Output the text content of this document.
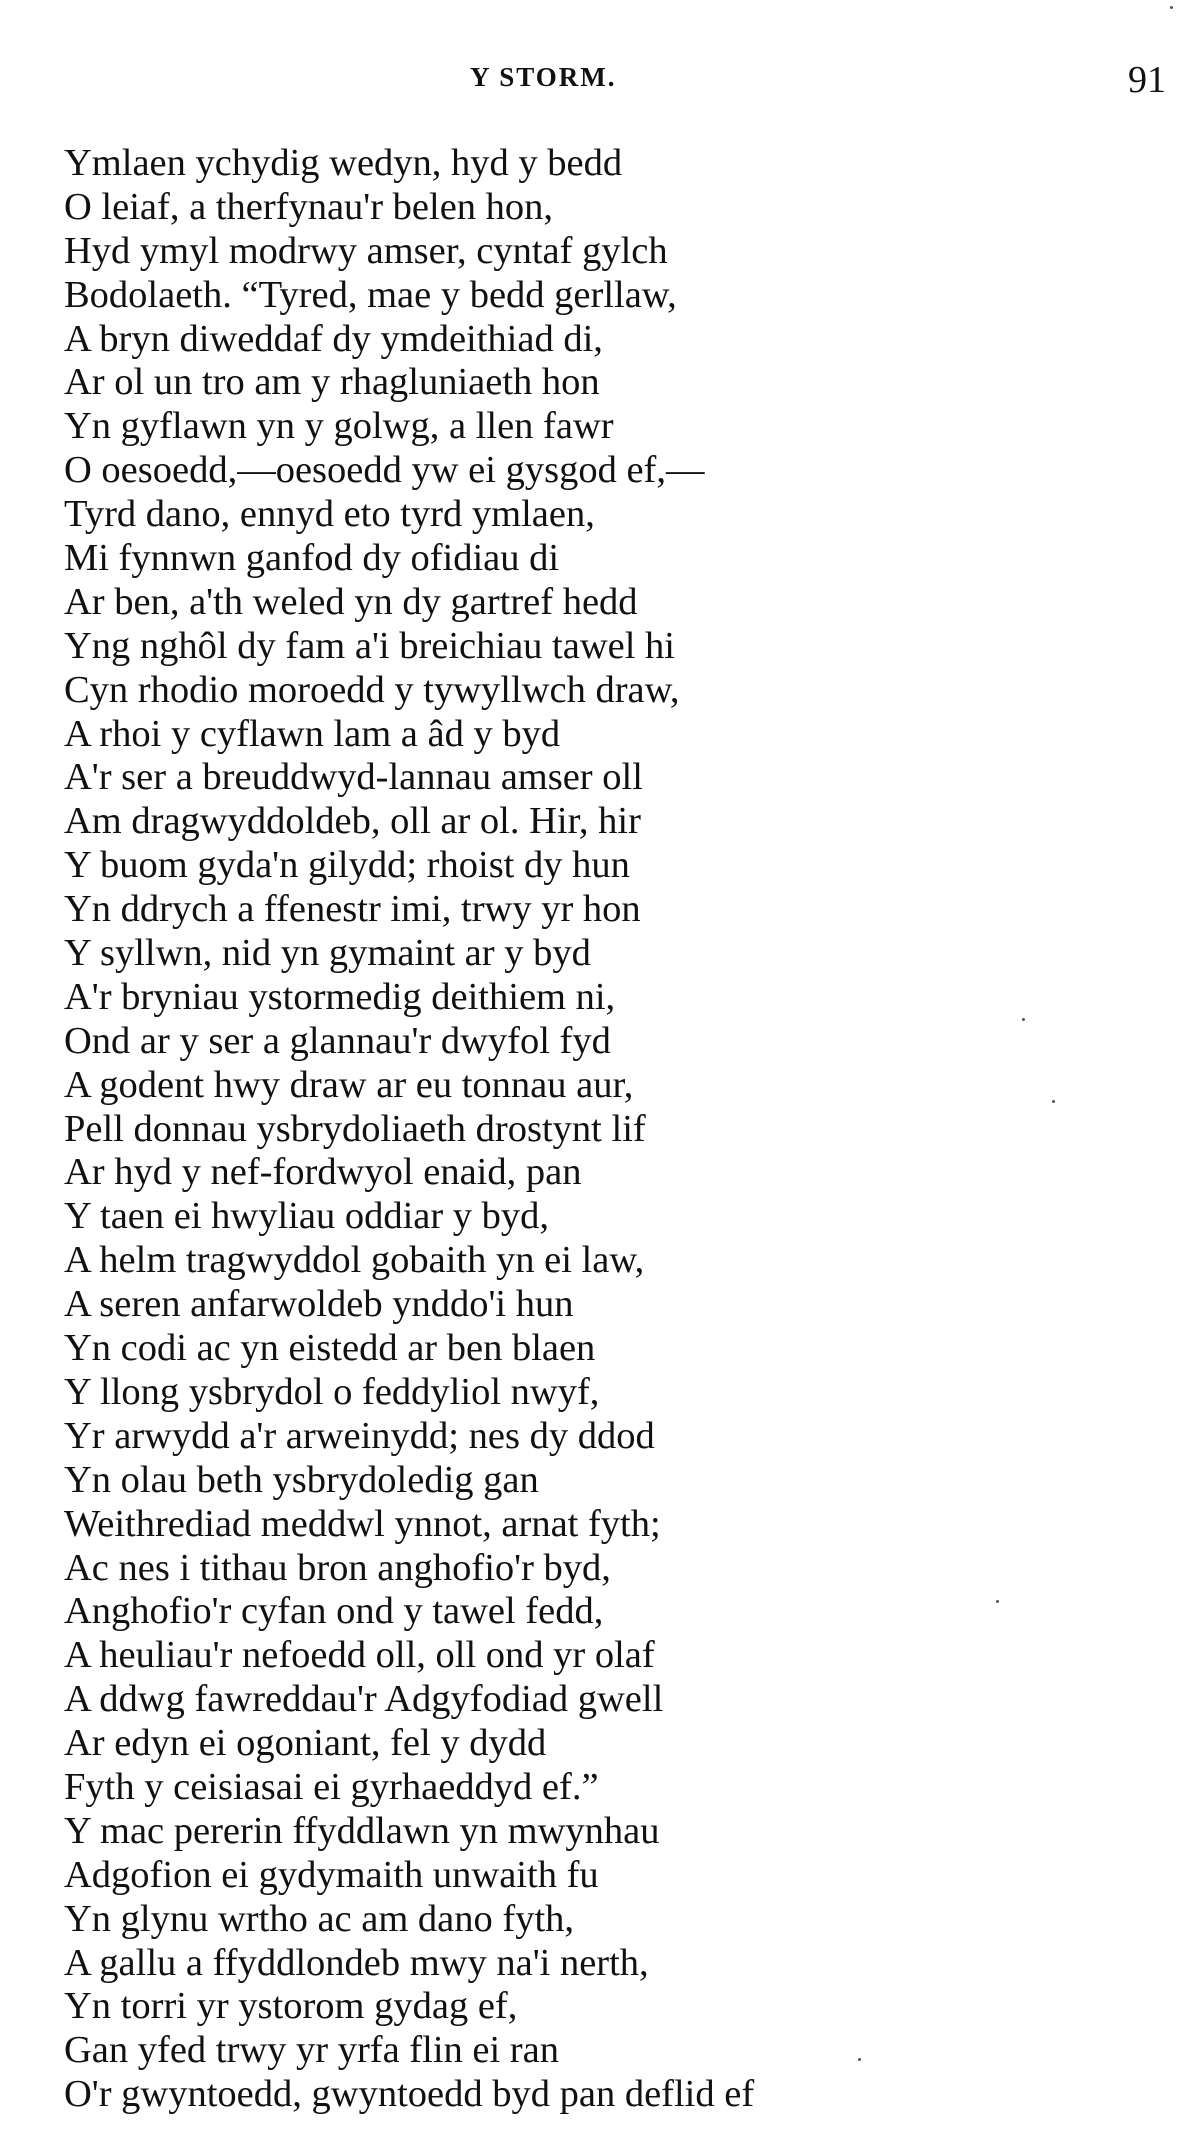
Y STORM.	91
Ymlaen ychydig wedyn, hyd y bedd
O leiaf, a therfynau'r belen hon,
Hyd ymyl modrwy amser, cyntaf gylch
Bodolaeth. “Tyred, mae y bedd gerllaw,
A bryn diweddaf dy ymdeithiad di,
Ar ol un tro am y rhagluniaeth hon
Yn gyflawn yn y golwg, a llen fawr
O oesoedd,—oesoedd yw ei gysgod ef,—
Tyrd dano, ennyd eto tyrd ymlaen,
Mi fynnwn ganfod dy ofidiau di
Ar ben, a'th weled yn dy gartref hedd
Yng nghôl dy fam a'i breichiau tawel hi
Cyn rhodio moroedd y tywyllwch draw,
A rhoi y cyflawn lam a âd y byd
A'r ser a breuddwyd-lannau amser oll
Am dragwyddoldeb, oll ar ol. Hir, hir
Y buom gyda'n gilydd; rhoist dy hun
Yn ddrych a ffenestr imi, trwy yr hon
Y syllwn, nid yn gymaint ar y byd
A'r bryniau ystormedig deithiem ni,
Ond ar y ser a glannau'r dwyfol fyd
A godent hwy draw ar eu tonnau aur,
Pell donnau ysbrydoliaeth drostynt lif
Ar hyd y nef-fordwyol enaid, pan
Y taen ei hwyliau oddiar y byd,
A helm tragwyddol gobaith yn ei law,
A seren anfarwoldeb ynddo'i hun
Yn codi ac yn eistedd ar ben blaen
Y llong ysbrydol o feddyliol nwyf,
Yr arwydd a'r arweinydd; nes dy ddod
Yn olau beth ysbrydoledig gan
Weithrediad meddwl ynnot, arnat fyth;
Ac nes i tithau bron anghofio'r byd,
Anghofio'r cyfan ond y tawel fedd,
A heuliau'r nefoedd oll, oll ond yr olaf
A ddwg fawreddau'r Adgyfodiad gwell
Ar edyn ei ogoniant, fel y dydd
Fyth y ceisiasai ei gyrhaeddyd ef.”
Y mac pererin ffyddlawn yn mwynhau
Adgofion ei gydymaith unwaith fu
Yn glynu wrtho ac am dano fyth,
A gallu a ffyddlondeb mwy na'i nerth,
Yn torri yr ystorom gydag ef,
Gan yfed trwy yr yrfa flin ei ran
O'r gwyntoedd, gwyntoedd byd pan deflid ef
